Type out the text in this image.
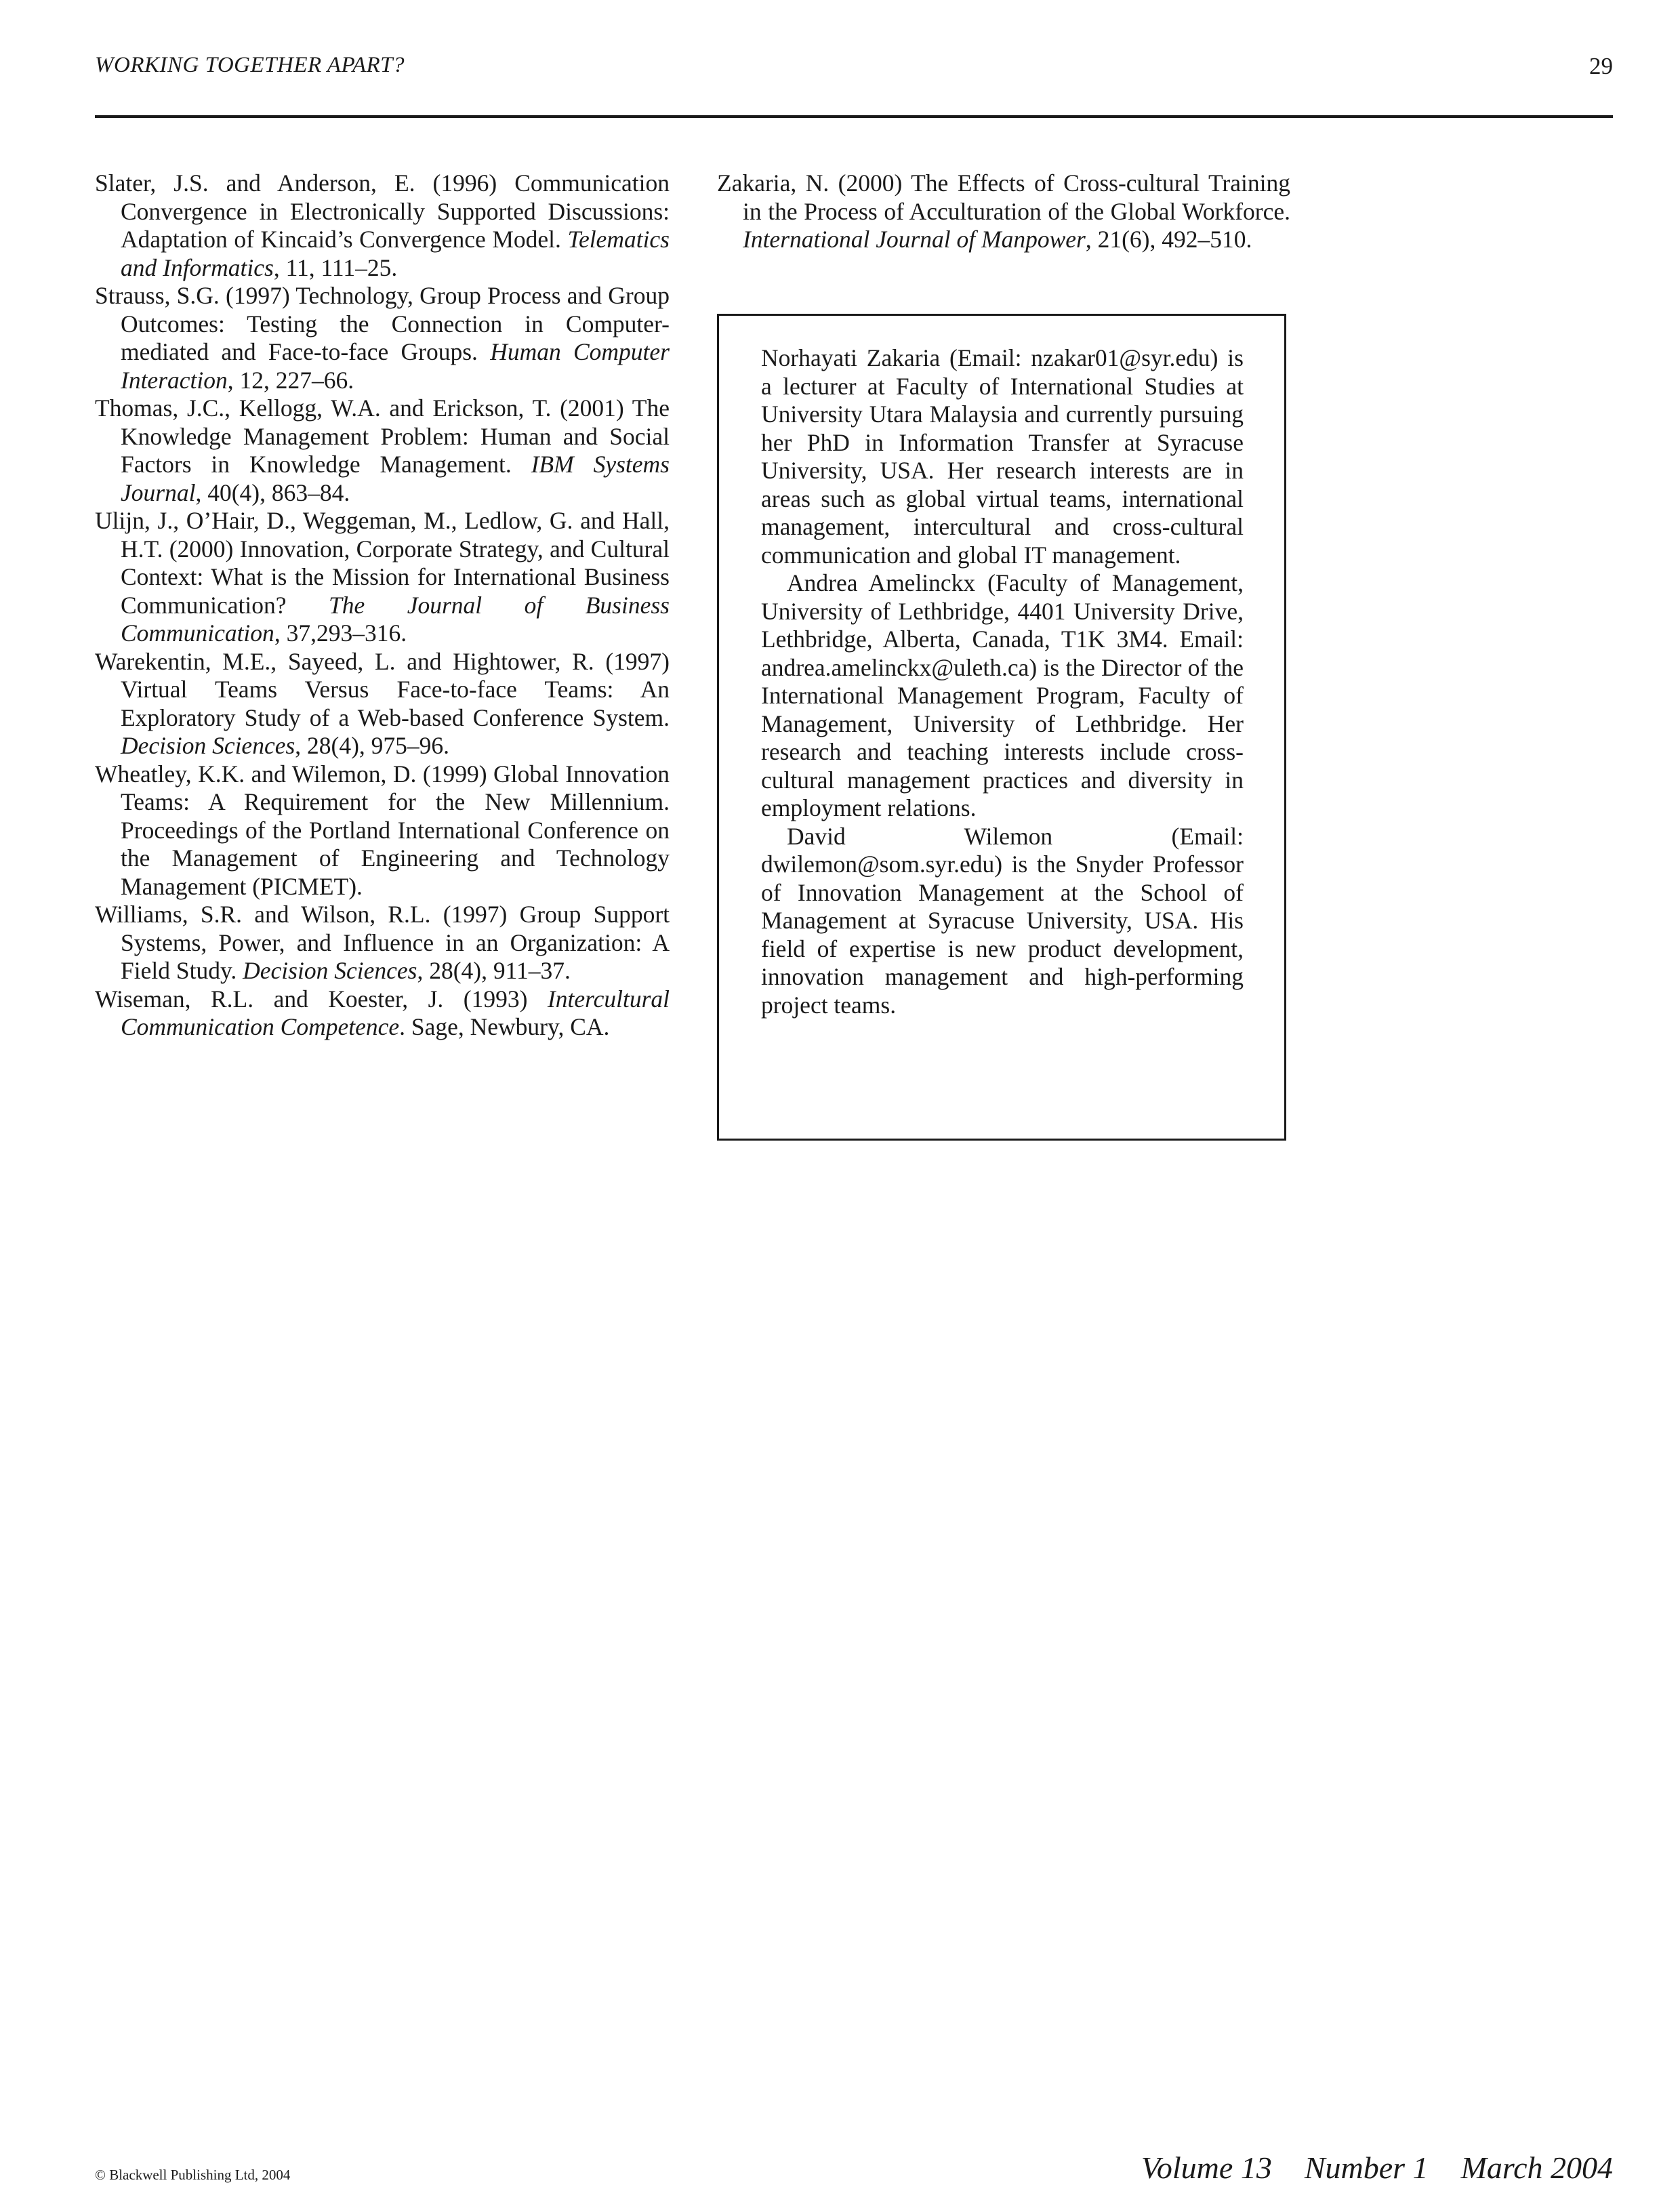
WORKING TOGETHER APART?	29

Slater, J.S. and Anderson, E. (1996) Communication Convergence in Electronically Supported Discussions: Adaptation of Kincaid’s Convergence Model. Telematics and Informatics, 11, 111–25.

Strauss, S.G. (1997) Technology, Group Process and Group Outcomes: Testing the Connection in Computer-mediated and Face-to-face Groups. Human Computer Interaction, 12, 227–66.

Thomas, J.C., Kellogg, W.A. and Erickson, T. (2001) The Knowledge Management Problem: Human and Social Factors in Knowledge Management. IBM Systems Journal, 40(4), 863–84.

Ulijn, J., O’Hair, D., Weggeman, M., Ledlow, G. and Hall, H.T. (2000) Innovation, Corporate Strategy, and Cultural Context: What is the Mission for International Business Communication? The Journal of Business Communication, 37,293–316.

Warekentin, M.E., Sayeed, L. and Hightower, R. (1997) Virtual Teams Versus Face-to-face Teams: An Exploratory Study of a Web-based Conference System. Decision Sciences, 28(4), 975–96.

Wheatley, K.K. and Wilemon, D. (1999) Global Innovation Teams: A Requirement for the New Millennium. Proceedings of the Portland International Conference on the Management of Engineering and Technology Management (PICMET).

Williams, S.R. and Wilson, R.L. (1997) Group Support Systems, Power, and Influence in an Organization: A Field Study. Decision Sciences, 28(4), 911–37.

Wiseman, R.L. and Koester, J. (1993) Intercultural Communication Competence. Sage, Newbury, CA.

Zakaria, N. (2000) The Effects of Cross-cultural Training in the Process of Acculturation of the Global Workforce. International Journal of Manpower, 21(6), 492–510.

Norhayati Zakaria (Email: nzakar01@syr.edu) is a lecturer at Faculty of International Studies at University Utara Malaysia and currently pursuing her PhD in Information Transfer at Syracuse University, USA. Her research interests are in areas such as global virtual teams, international management, intercultural and cross-cultural communication and global IT management.

Andrea Amelinckx (Faculty of Management, University of Lethbridge, 4401 University Drive, Lethbridge, Alberta, Canada, T1K 3M4. Email: andrea.amelinckx@uleth.ca) is the Director of the International Management Program, Faculty of Management, University of Lethbridge. Her research and teaching interests include cross-cultural management practices and diversity in employment relations.

David Wilemon (Email: dwilemon@som.syr.edu) is the Snyder Professor of Innovation Management at the School of Management at Syracuse University, USA. His field of expertise is new product development, innovation management and high-performing project teams.

© Blackwell Publishing Ltd, 2004	Volume 13 Number 1 March 2004
